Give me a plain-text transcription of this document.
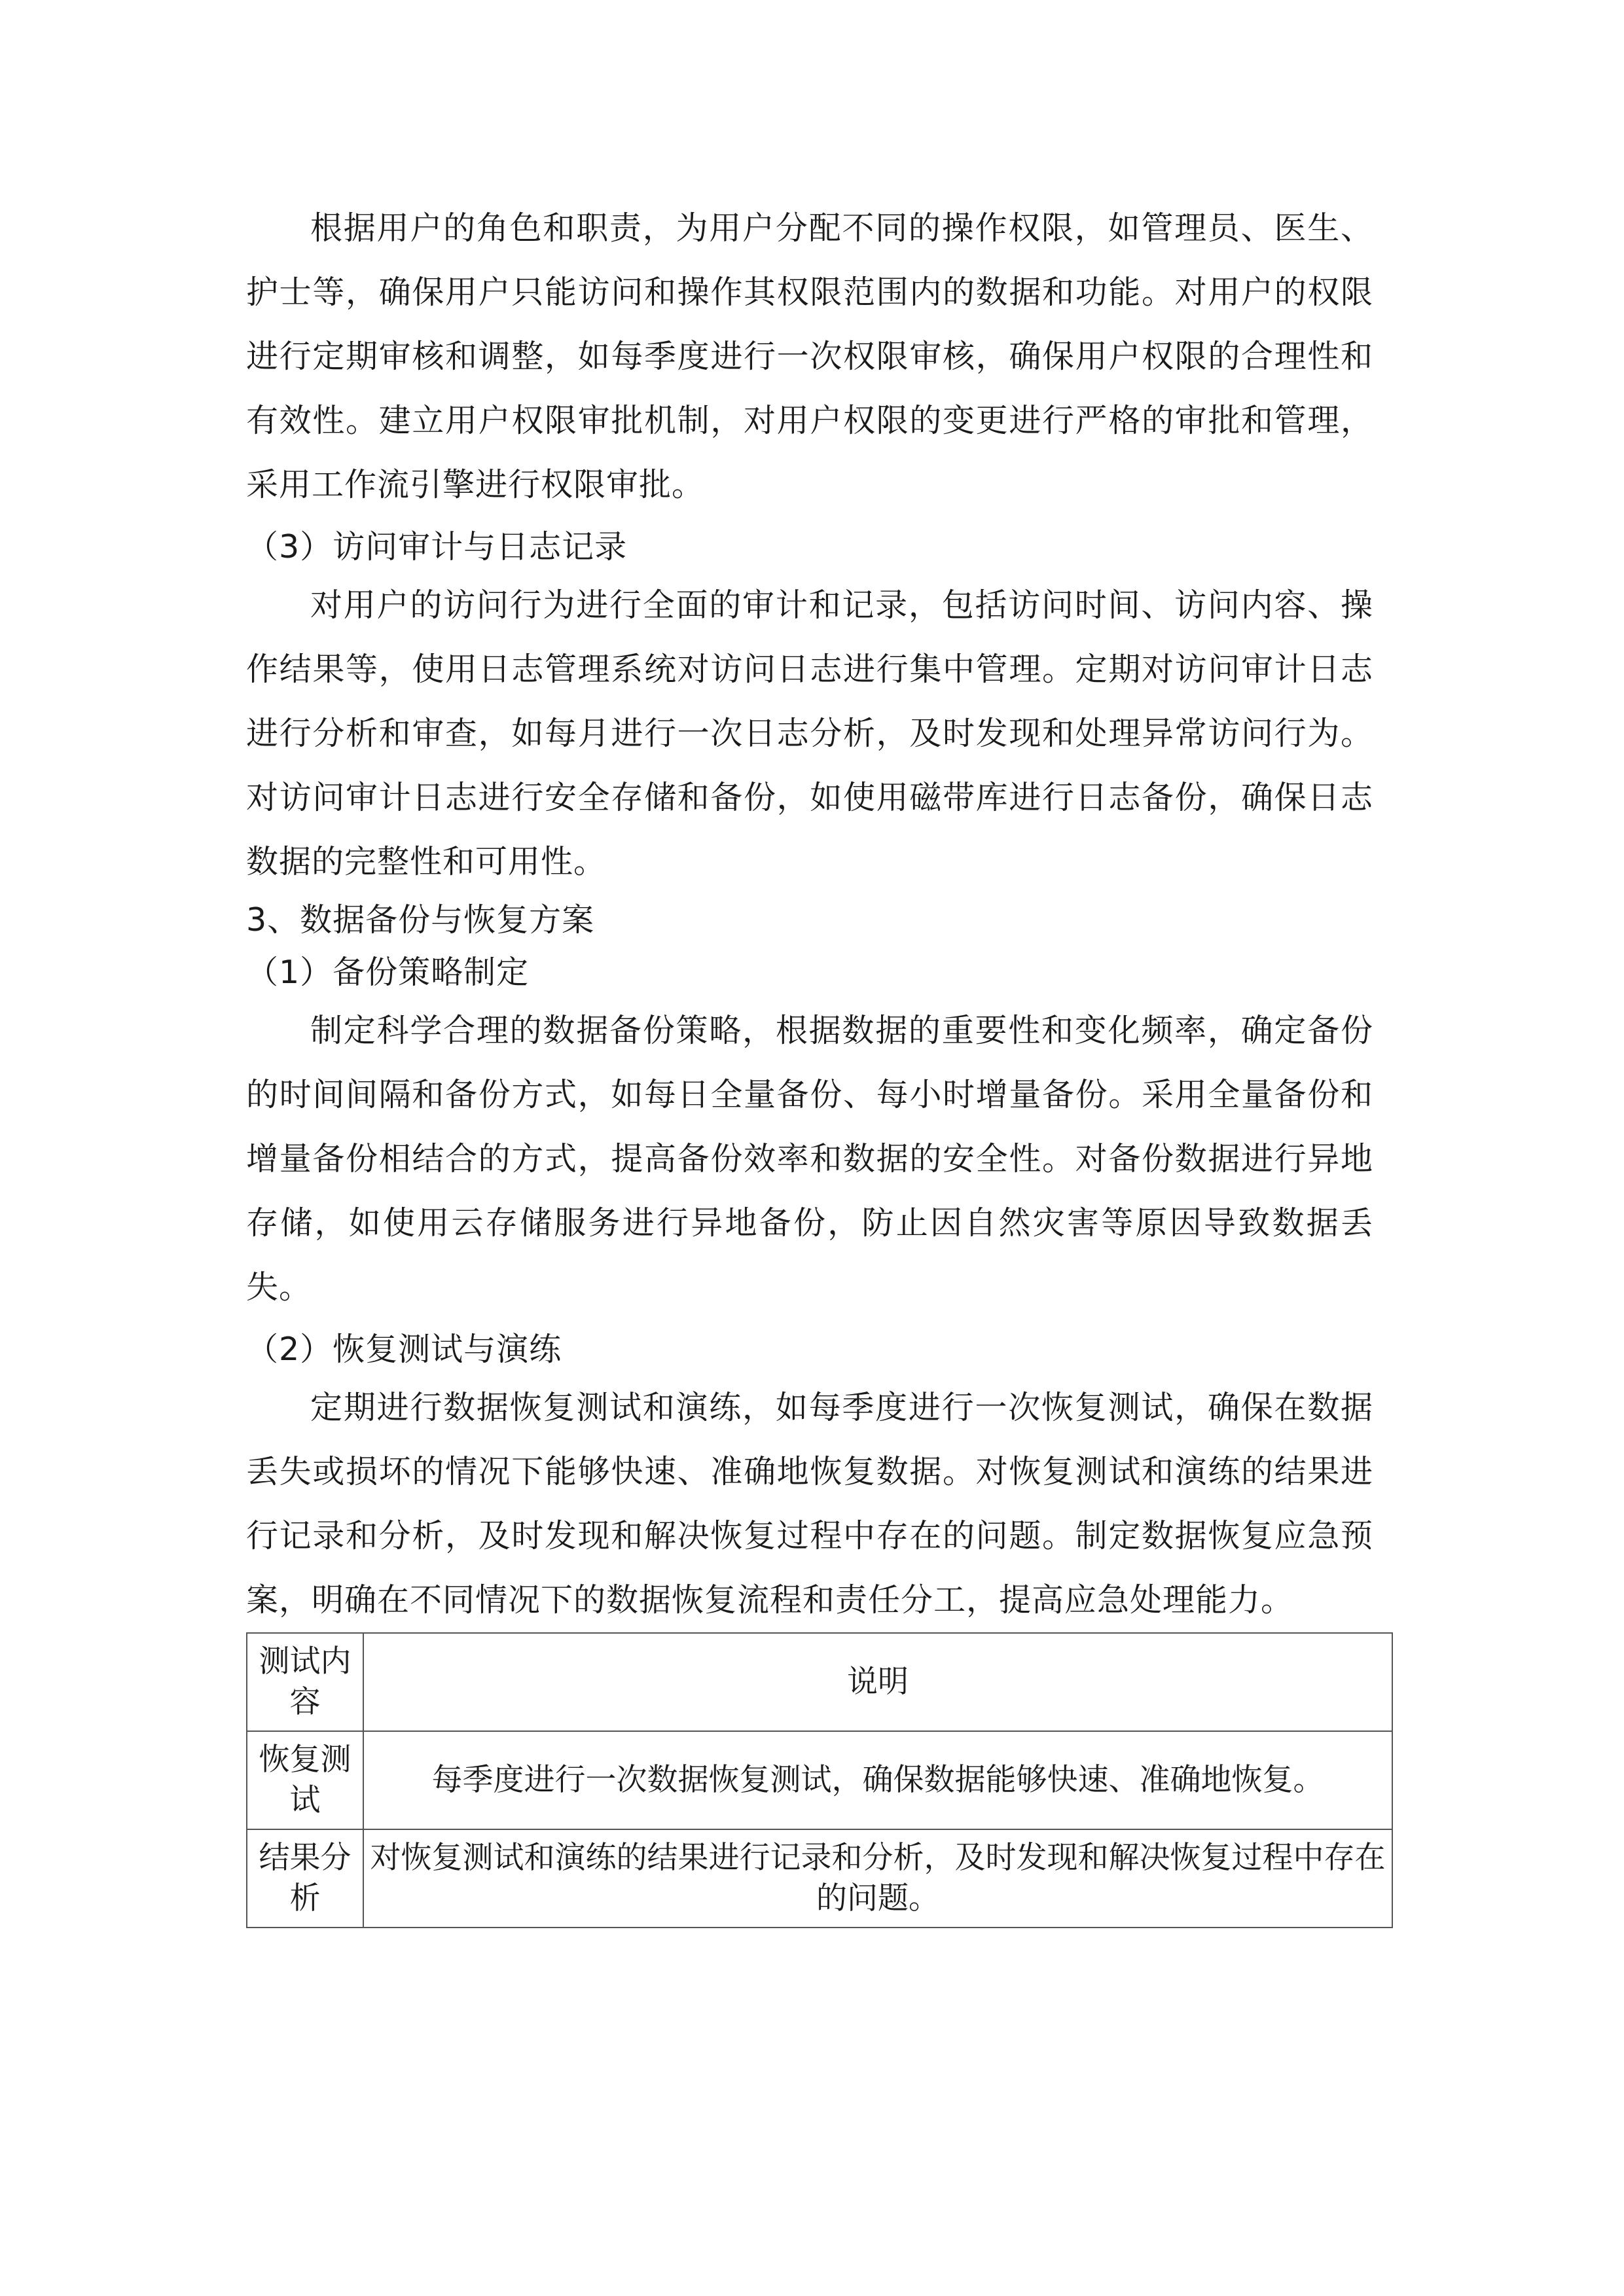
根据用户的角色和职责，为用户分配不同的操作权限，如管理员、医生、护士等，确保用户只能访问和操作其权限范围内的数据和功能。对用户的权限进行定期审核和调整，如每季度进行一次权限审核，确保用户权限的合理性和有效性。建立用户权限审批机制，对用户权限的变更进行严格的审批和管理，采用工作流引擎进行权限审批。

（3）访问审计与日志记录

对用户的访问行为进行全面的审计和记录，包括访问时间、访问内容、操作结果等，使用日志管理系统对访问日志进行集中管理。定期对访问审计日志进行分析和审查，如每月进行一次日志分析，及时发现和处理异常访问行为。对访问审计日志进行安全存储和备份，如使用磁带库进行日志备份，确保日志数据的完整性和可用性。

3、数据备份与恢复方案

（1）备份策略制定

制定科学合理的数据备份策略，根据数据的重要性和变化频率，确定备份的时间间隔和备份方式，如每日全量备份、每小时增量备份。采用全量备份和增量备份相结合的方式，提高备份效率和数据的安全性。对备份数据进行异地存储，如使用云存储服务进行异地备份，防止因自然灾害等原因导致数据丢失。

（2）恢复测试与演练

定期进行数据恢复测试和演练，如每季度进行一次恢复测试，确保在数据丢失或损坏的情况下能够快速、准确地恢复数据。对恢复测试和演练的结果进行记录和分析，及时发现和解决恢复过程中存在的问题。制定数据恢复应急预案，明确在不同情况下的数据恢复流程和责任分工，提高应急处理能力。

测试内容	说明
恢复测试	每季度进行一次数据恢复测试，确保数据能够快速、准确地恢复。
结果分析	对恢复测试和演练的结果进行记录和分析，及时发现和解决恢复过程中存在的问题。
